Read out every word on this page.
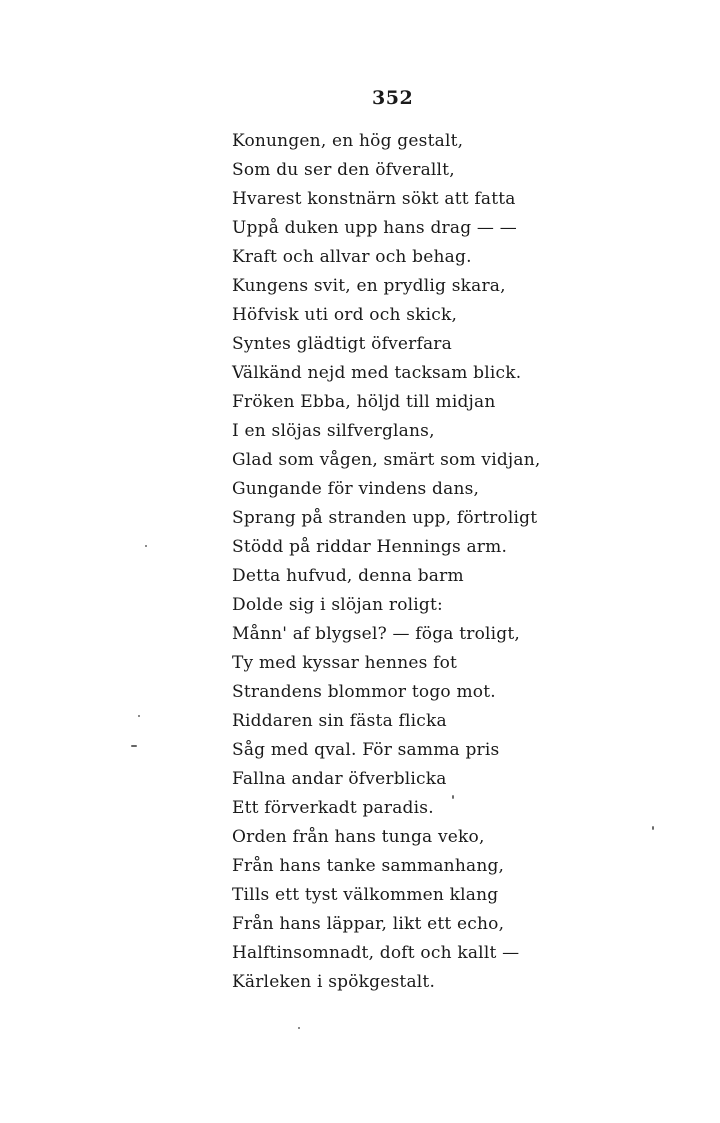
352
Konungen, en hög gestalt,
Som du ser den öfverallt,
Hvarest konstnärn sökt att fatta
Uppå duken upp hans drag — —
Kraft och allvar och behag.
Kungens svit, en prydlig skara,
Höfvisk uti ord och skick,
Syntes glädtigt öfverfara
Välkänd nejd med tacksam blick.
Fröken Ebba, höljd till midjan
I en slöjas silfverglans,
Glad som vågen, smärt som vidjan,
Gungande för vindens dans,
Sprang på stranden upp, förtroligt
Stödd på riddar Hennings arm.
Detta hufvud, denna barm
Dolde sig i slöjan roligt:
Månn' af blygsel? — föga troligt,
Ty med kyssar hennes fot
Strandens blommor togo mot.
Riddaren sin fästa flicka
Såg med qval. För samma pris
Fallna andar öfverblicka
Ett förverkadt paradis.
Orden från hans tunga veko,
Från hans tanke sammanhang,
Tills ett tyst välkommen klang
Från hans läppar, likt ett echo,
Halftinsomnadt, doft och kallt —
Kärleken i spökgestalt.
